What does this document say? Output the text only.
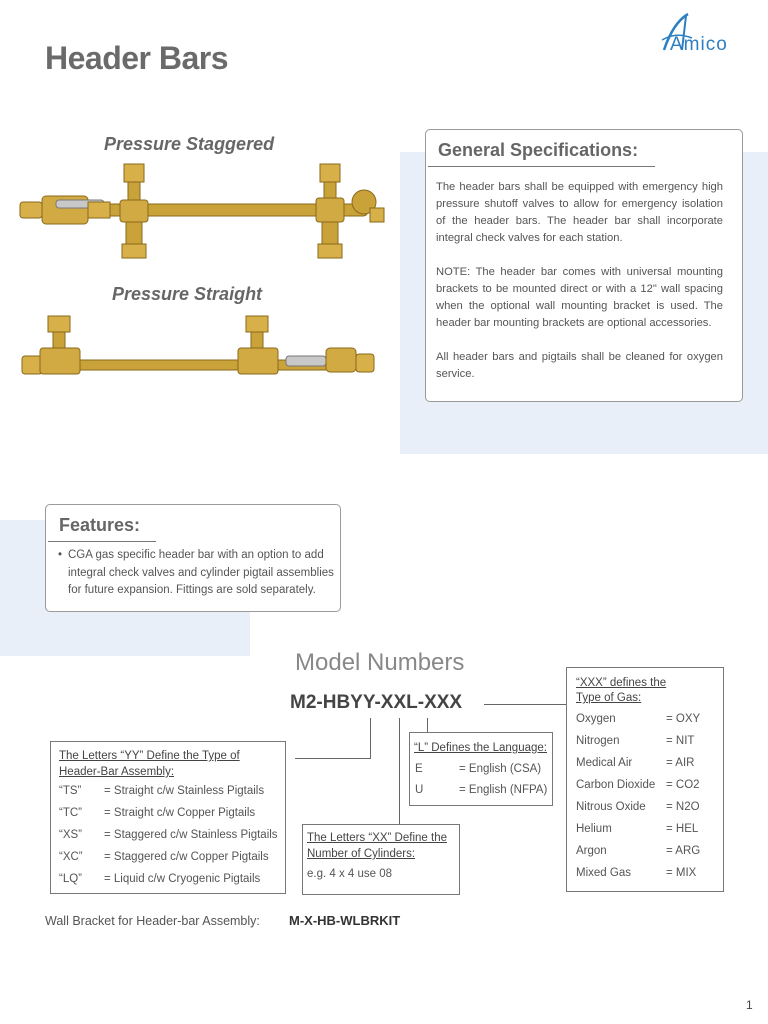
Header Bars	Amico
Pressure Staggered
Pressure Straight
General Specifications:
The header bars shall be equipped with emergency high pressure shutoff valves to allow for emergency isolation of the header bars. The header bar shall incorporate integral check valves for each station.
NOTE: The header bar comes with universal mounting brackets to be mounted direct or with a 12" wall spacing when the optional wall mounting bracket is used. The header bar mounting brackets are optional accessories.
All header bars and pigtails shall be cleaned for oxygen service.
Features:
• CGA gas specific header bar with an option to add integral check valves and cylinder pigtail assemblies for future expansion. Fittings are sold separately.
Model Numbers
M2-HBYY-XXL-XXX
The Letters “YY” Define the Type of
Header-Bar Assembly:
“TS” = Straight c/w Stainless Pigtails
“TC” = Straight c/w Copper Pigtails
“XS” = Staggered c/w Stainless Pigtails
“XC” = Staggered c/w Copper Pigtails
“LQ” = Liquid c/w Cryogenic Pigtails
The Letters “XX” Define the
Number of Cylinders:
e.g. 4 x 4 use 08
“L” Defines the Language:
E	= English (CSA)
U	= English (NFPA)
“XXX” defines the
Type of Gas:
Oxygen	= OXY
Nitrogen	= NIT
Medical Air	= AIR
Carbon Dioxide = CO2
Nitrous Oxide = N2O
Helium	= HEL
Argon	= ARG
Mixed Gas	= MIX
Wall Bracket for Header-bar Assembly: M-X-HB-WLBRKIT
1
